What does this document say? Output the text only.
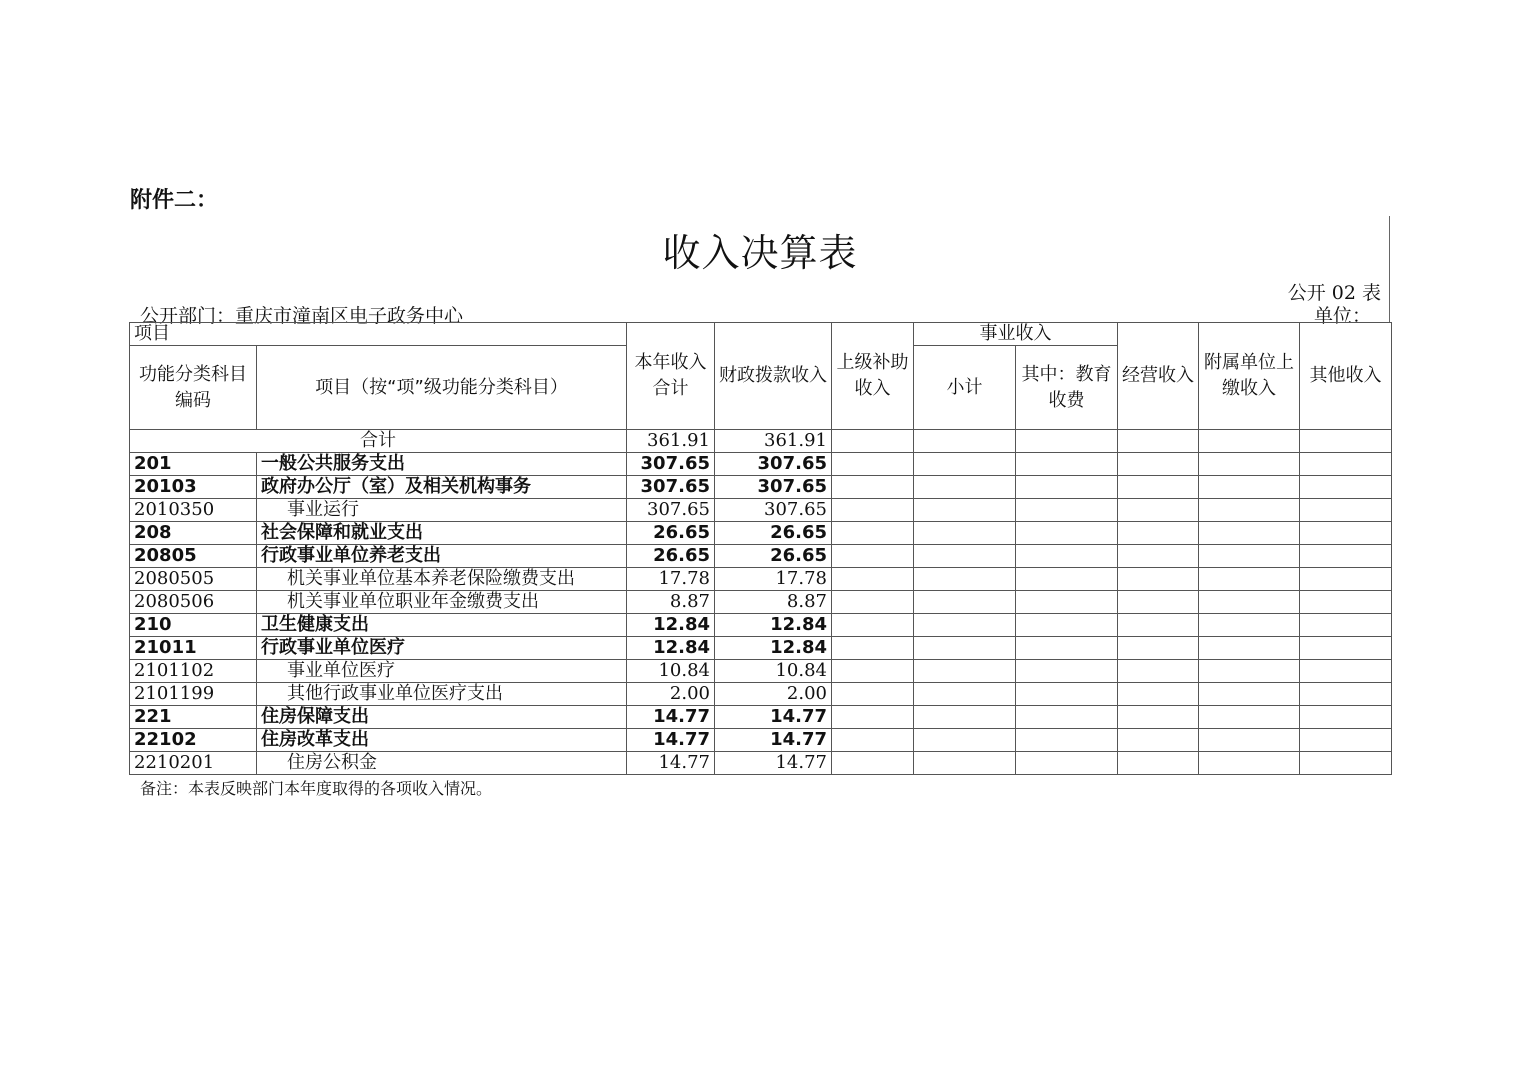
附件二：
收入决算表
公开 02 表
公开部门：重庆市潼南区电子政务中心	单位：
项目		本年收入合计	财政拨款收入	上级补助收入	事业收入		经营收入	附属单位上缴收入	其他收入
功能分类科目编码	项目（按“项”级功能分类科目）				小计	其中：教育收费			
合计		361.91	361.91						
201	一般公共服务支出	307.65	307.65						
20103	政府办公厅（室）及相关机构事务	307.65	307.65						
2010350	事业运行	307.65	307.65						
208	社会保障和就业支出	26.65	26.65						
20805	行政事业单位养老支出	26.65	26.65						
2080505	机关事业单位基本养老保险缴费支出	17.78	17.78						
2080506	机关事业单位职业年金缴费支出	8.87	8.87						
210	卫生健康支出	12.84	12.84						
21011	行政事业单位医疗	12.84	12.84						
2101102	事业单位医疗	10.84	10.84						
2101199	其他行政事业单位医疗支出	2.00	2.00						
221	住房保障支出	14.77	14.77						
22102	住房改革支出	14.77	14.77						
2210201	住房公积金	14.77	14.77						
备注：本表反映部门本年度取得的各项收入情况。
